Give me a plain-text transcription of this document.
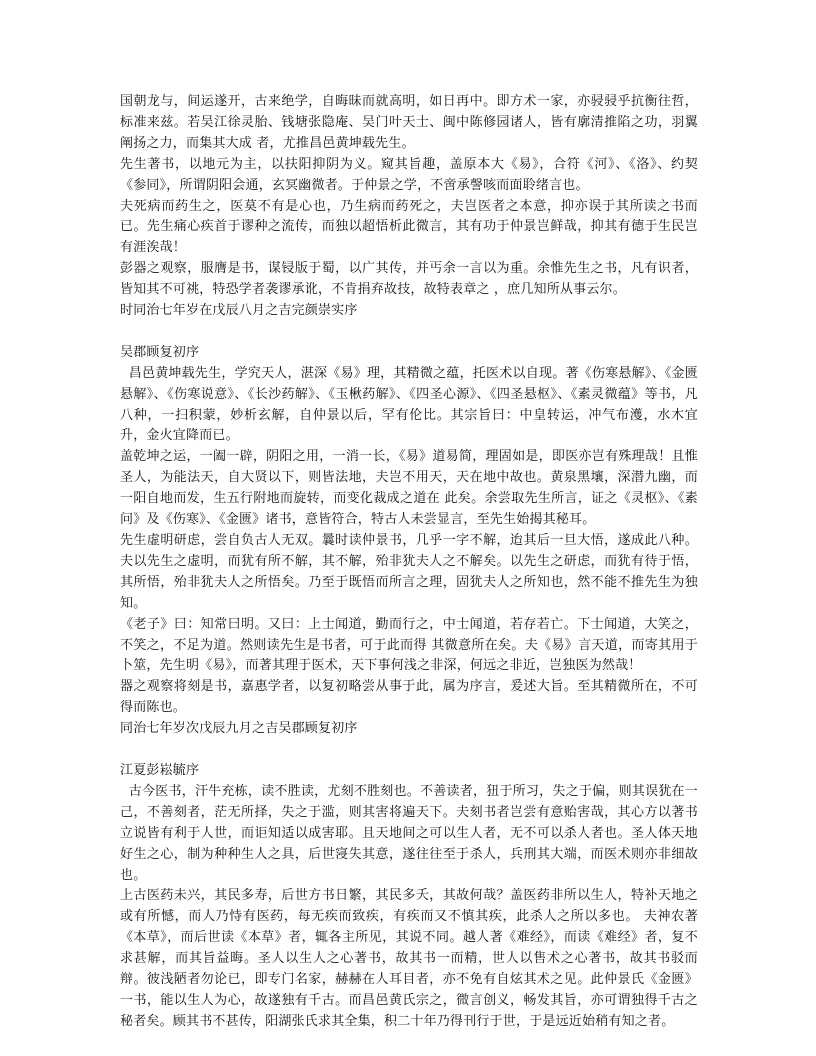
国朝龙与，间运遂开，古来绝学，自晦昧而就高明，如日再中。即方术一家，亦骎骎乎抗衡往哲，标准来兹。若吴江徐灵胎、钱塘张隐庵、吴门叶天士、闽中陈修园诸人，皆有廓清推陷之功，羽翼阐扬之力，而集其大成 者，尤推昌邑黄坤载先生。

先生著书，以地元为主，以扶阳抑阴为义。窥其旨趣，盖原本大《易》，合符《河》、《洛》、约契《参同》，所谓阴阳会通，玄冥幽微者。于仲景之学，不啻承謦咳而面聆绪言也。

夫死病而药生之，医莫不有是心也，乃生病而药死之，夫岂医者之本意，抑亦误于其所读之书而已。先生痛心疾首于谬种之流传，而独以超悟析此微言，其有功于仲景岂鲜哉，抑其有德于生民岂有涯涘哉！

彭器之观察，服膺是书，谋锓版于蜀，以广其传，并丐余一言以为重。余惟先生之书，凡有识者，皆知其不可祧，特恐学者袭谬承讹，不肯捐弃故技，故特表章之 ，庶几知所从事云尔。

时同治七年岁在戊辰八月之吉完颜崇实序

吴郡顾复初序

昌邑黄坤载先生，学究天人，湛深《易》理，其精微之蕴，托医术以自现。著《伤寒悬解》、《金匮悬解》、《伤寒说意》、《长沙药解》、《玉楸药解》、《四圣心源》、《四圣悬枢》、《素灵微蕴》等书，凡八种，一扫积蒙，妙析玄解，自仲景以后，罕有伦比。其宗旨曰：中皇转运，冲气布濩，水木宜升，金火宜降而已。

盖乾坤之运，一阖一辟，阴阳之用，一消一长，《易》道易简，理固如是，即医亦岂有殊理哉！且惟圣人，为能法天，自大贤以下，则皆法地，夫岂不用天，天在地中故也。黄泉黑壤，深潜九幽，而一阳自地而发，生五行附地而旋转，而变化裁成之道在 此矣。余尝取先生所言，证之《灵枢》、《素问》及《伤寒》、《金匮》诸书，意皆符合，特古人未尝显言，至先生始揭其秘耳。

先生虚明研虑，尝自负古人无双。曩时读仲景书，几乎一字不解，迨其后一旦大悟，遂成此八种。夫以先生之虚明，而犹有所不解，其不解，殆非犹夫人之不解矣。以先生之研虑，而犹有待于悟，其所悟，殆非犹夫人之所悟矣。乃至于既悟而所言之理，固犹夫人之所知也，然不能不推先生为独知。

《老子》曰：知常曰明。又曰：上士闻道，勤而行之，中士闻道，若存若亡。下士闻道，大笑之，不笑之，不足为道。然则读先生是书者，可于此而得 其微意所在矣。夫《易》言天道，而寄其用于卜筮，先生明《易》，而著其理于医术，天下事何浅之非深，何远之非近，岂独医为然哉！

器之观察将刻是书，嘉惠学者，以复初略尝从事于此，属为序言，爰述大旨。至其精微所在，不可得而陈也。

同治七年岁次戊辰九月之吉吴郡顾复初序

江夏彭崧毓序

古今医书，汗牛充栋，读不胜读，尤刻不胜刻也。不善读者，狃于所习，失之于偏，则其误犹在一己，不善刻者，茫无所择，失之于滥，则其害将遍天下。夫刻书者岂尝有意贻害哉，其心方以著书立说皆有利于人世，而讵知适以成害耶。且天地间之可以生人者，无不可以杀人者也。圣人体天地好生之心，制为种种生人之具，后世寖失其意，遂往往至于杀人，兵刑其大端，而医术则亦非细故也。

上古医药未兴，其民多寿，后世方书日繁，其民多夭，其故何哉？盖医药非所以生人，特补天地之或有所憾，而人乃恃有医药，每无疾而致疾，有疾而又不慎其疾，此杀人之所以多也。 夫神农著《本草》，而后世读《本草》者，辄各主所见，其说不同。越人著《难经》，而读《难经》者，复不求甚解，而其旨益晦。圣人以生人之心著书，故其书一而精，世人以售术之心著书，故其书驳而辩。彼浅陋者勿论已，即专门名家，赫赫在人耳目者，亦不免有自炫其术之见。此仲景氏《金匮》一书，能以生人为心，故遂独有千古。而昌邑黄氏宗之，微言创义，畅发其旨，亦可谓独得千古之秘者矣。顾其书不甚传，阳湖张氏求其全集，积二十年乃得刊行于世，于是远近始稍有知之者。
